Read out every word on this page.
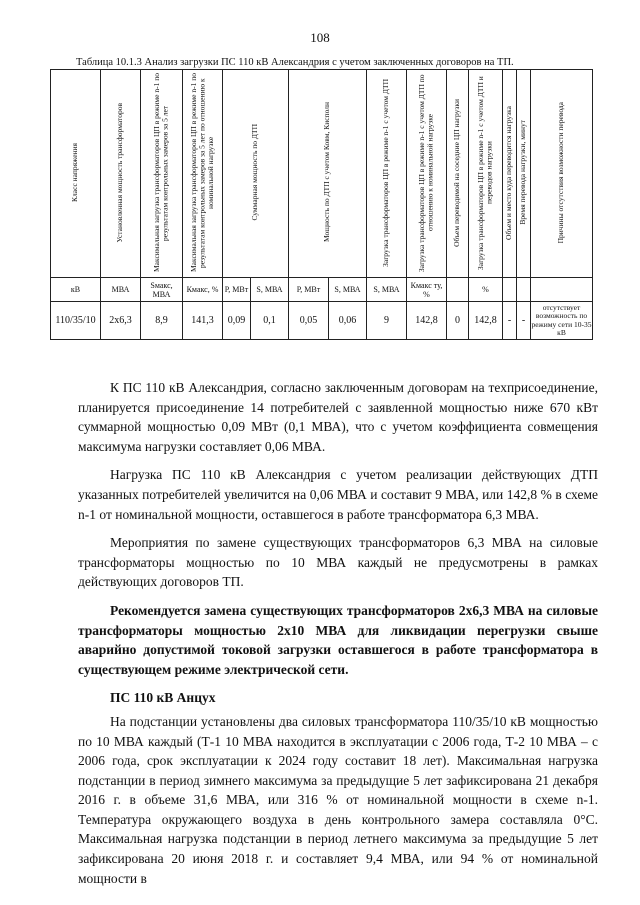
108
Таблица 10.1.3 Анализ загрузки ПС 110 кВ Александрия с учетом заключенных договоров на ТП.
Класс напряжения	Установленная мощность трансформаторов	Максимальная загрузка трансформаторов ЦП в режиме n-1 по результатам контрольных замеров за 5 лет	Максимальная загрузка трансформаторов ЦП в режиме n-1 по результатам контрольных замеров за 5 лет по отношению к номинальной нагрузке	Суммарная мощность по ДТП		Мощность по ДТП с учетом Ковм, Кисполн		Загрузка трансформаторов ЦП в режиме n-1 с учетом ДТП	Загрузка трансформаторов ЦП в режиме n-1 с учетом ДТП по отношению к номинальной нагрузке	Объем переводимой на соседние ЦП нагрузки	Загрузка трансформаторов ЦП в режиме n-1 с учетом ДТП и переводов нагрузки	Объем и место куда переводится нагрузка	Время перевода нагрузки, минут	Причины отсутствия возможности перевода
кВ	МВА	Sмакс, МВА	Кмакс, %	P, МВт	S, МВА	P, МВт	S, МВА	S, МВА	Кмакс ту, %		%			
110/35/10	2х6,3	8,9	141,3	0,09	0,1	0,05	0,06	9	142,8	0	142,8	-	-	отсутствует возможность по режиму сети 10-35 кВ

К ПС 110 кВ Александрия, согласно заключенным договорам на техприсоединение, планируется присоединение 14 потребителей с заявленной мощностью ниже 670 кВт суммарной мощностью 0,09 МВт (0,1 МВА), что с учетом коэффициента совмещения максимума нагрузки составляет 0,06 МВА.

Нагрузка ПС 110 кВ Александрия с учетом реализации действующих ДТП указанных потребителей увеличится на 0,06 МВА и составит 9 МВА, или 142,8 % в схеме n-1 от номинальной мощности, оставшегося в работе трансформатора 6,3 МВА.

Мероприятия по замене существующих трансформаторов 6,3 МВА на силовые трансформаторы мощностью по 10 МВА каждый не предусмотрены в рамках действующих договоров ТП.

Рекомендуется замена существующих трансформаторов 2х6,3 МВА на силовые трансформаторы мощностью 2х10 МВА для ликвидации перегрузки свыше аварийно допустимой токовой загрузки оставшегося в работе трансформатора в существующем режиме электрической сети.

ПС 110 кВ Анцух

На подстанции установлены два силовых трансформатора 110/35/10 кВ мощностью по 10 МВА каждый (Т-1 10 МВА находится в эксплуатации с 2006 года, Т-2 10 МВА – с 2006 года, срок эксплуатации к 2024 году составит 18 лет). Максимальная нагрузка подстанции в период зимнего максимума за предыдущие 5 лет зафиксирована 21 декабря 2016 г. в объеме 31,6 МВА, или 316 % от номинальной мощности в схеме n-1. Температура окружающего воздуха в день контрольного замера составляла 0°С. Максимальная нагрузка подстанции в период летнего максимума за предыдущие 5 лет зафиксирована 20 июня 2018 г. и составляет 9,4 МВА, или 94 % от номинальной мощности в
